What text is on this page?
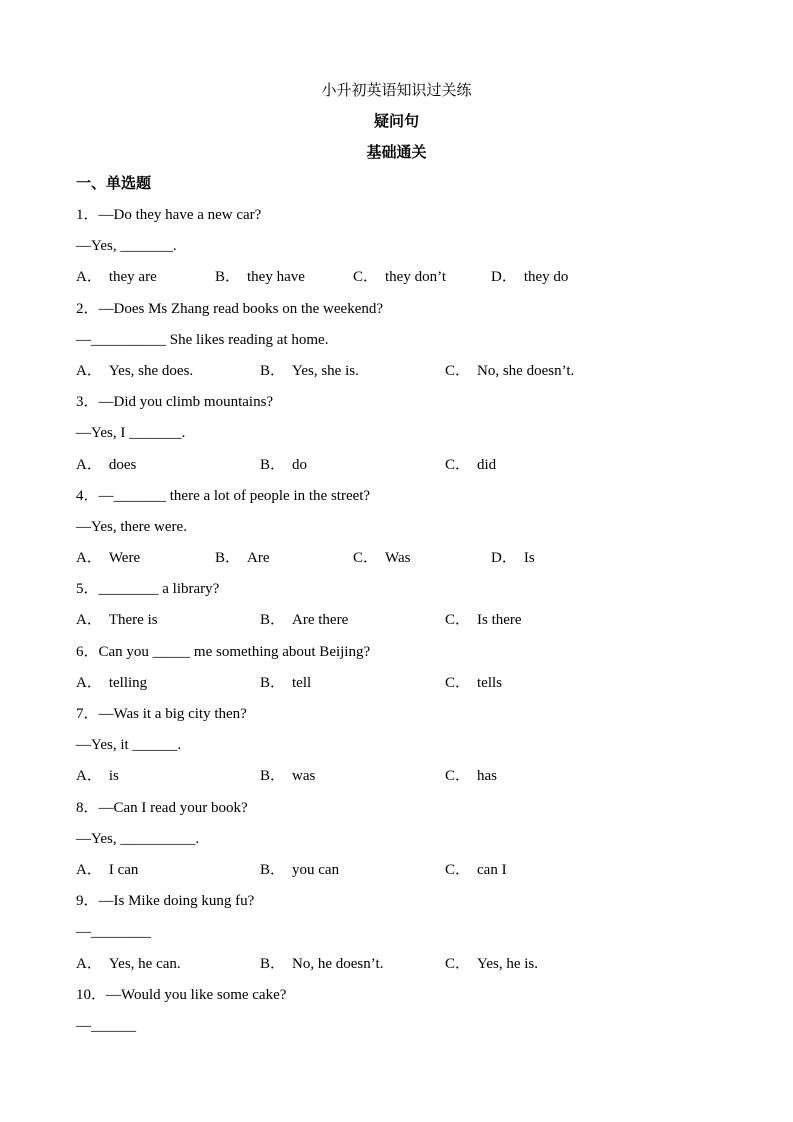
小升初英语知识过关练
疑问句
基础通关
一、单选题
1．—Do they have a new car?
—Yes, _______.
A． they are	B． they have	C． they don’t	D． they do
2．—Does Ms Zhang read books on the weekend?
—__________ She likes reading at home.
A． Yes, she does.	B． Yes, she is.	C． No, she doesn’t.
3．—Did you climb mountains?
—Yes, I _______.
A． does	B． do	C． did
4．—_______ there a lot of people in the street?
—Yes, there were.
A． Were	B． Are	C． Was	D． Is
5．________ a library?
A． There is	B． Are there	C． Is there
6．Can you _____ me something about Beijing?
A． telling	B． tell	C． tells
7．—Was it a big city then?
—Yes, it ______.
A． is	B． was	C． has
8．—Can I read your book?
—Yes, __________.
A． I can	B． you can	C． can I
9．—Is Mike doing kung fu?
—________
A． Yes, he can.	B． No, he doesn’t.	C． Yes, he is.
10．—Would you like some cake?
—______
